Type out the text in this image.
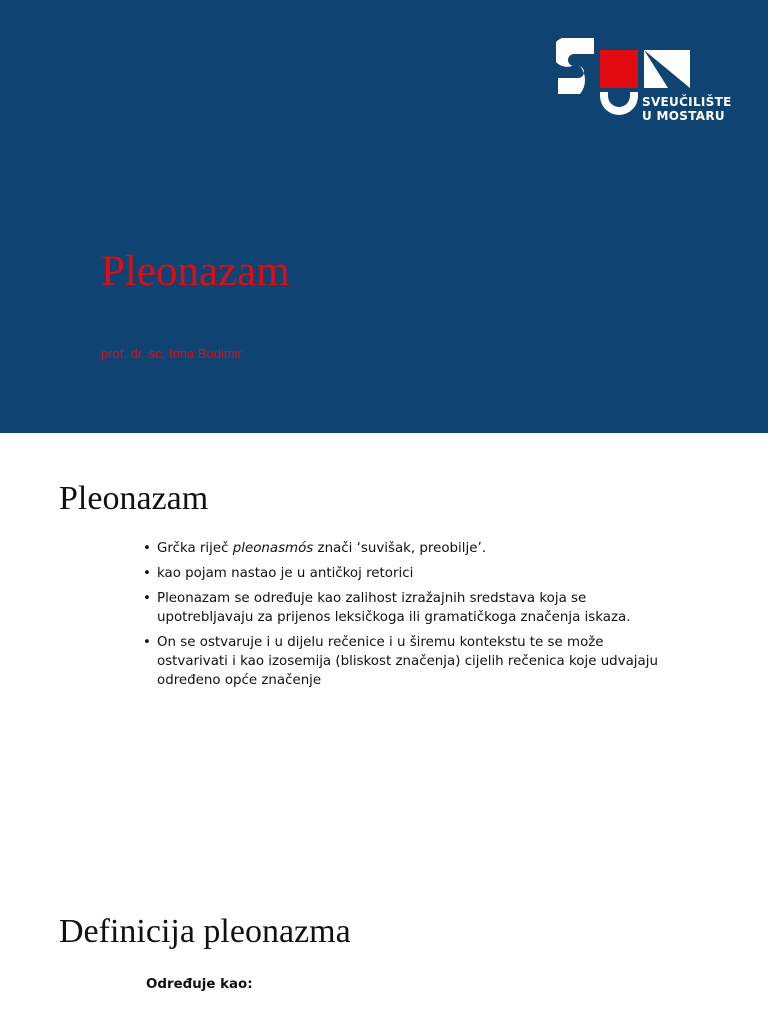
SVEUČILIŠTE
U MOSTARU
Pleonazam
prof. dr. sc. Irina Budimir
Pleonazam
• Grčka riječ pleonasmós znači ‘suvišak, preobilje’.
• kao pojam nastao je u antičkoj retorici
• Pleonazam se određuje kao zalihost izražajnih sredstava koja se upotrebljavaju za prijenos leksičkoga ili gramatičkoga značenja iskaza.
• On se ostvaruje i u dijelu rečenice i u širemu kontekstu te se može ostvarivati i kao izosemija (bliskost značenja) cijelih rečenica koje udvajaju određeno opće značenje
Definicija pleonazma
Određuje kao:
